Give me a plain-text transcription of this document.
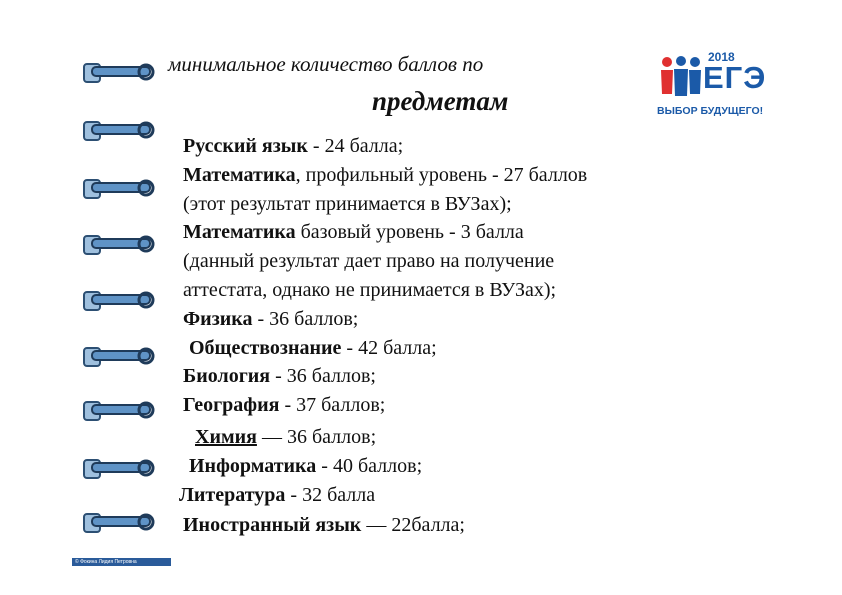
минимальное количество баллов по
предметам
2018
ЕГЭ
ВЫБОР БУДУЩЕГО!
Русский язык - 24 балла;
Математика, профильный уровень - 27 баллов
(этот результат принимается в ВУЗах);
Математика базовый уровень - 3 балла
(данный результат дает право на получение
аттестата, однако не принимается в ВУЗах);
Физика - 36 баллов;
Обществознание - 42 балла;
Биология - 36 баллов;
География - 37 баллов;
Химия — 36 баллов;
Информатика - 40 баллов;
Литература - 32 балла
Иностранный язык — 22балла;
© Фокина Лидия Петровна
